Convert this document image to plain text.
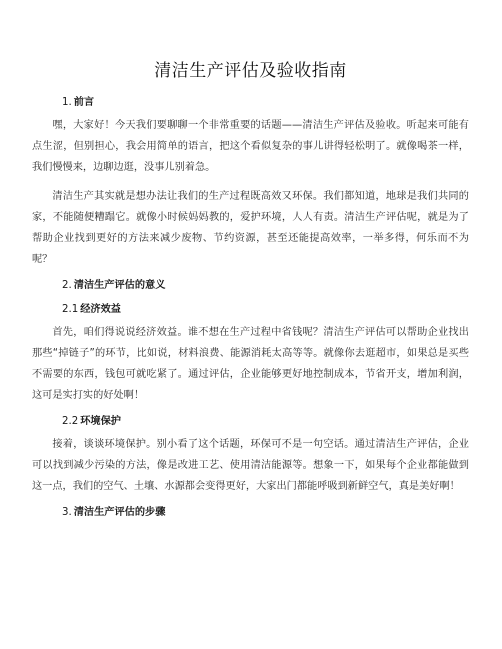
清洁生产评估及验收指南
1. 前言

嘿，大家好！今天我们要聊聊一个非常重要的话题——清洁生产评估及验收。听起来可能有点生涩，但别担心，我会用简单的语言，把这个看似复杂的事儿讲得轻松明了。就像喝茶一样，我们慢慢来，边聊边逛，没事儿别着急。

清洁生产其实就是想办法让我们的生产过程既高效又环保。我们都知道，地球是我们共同的家，不能随便糟蹋它。就像小时候妈妈教的，爱护环境，人人有责。清洁生产评估呢，就是为了帮助企业找到更好的方法来减少废物、节约资源，甚至还能提高效率，一举多得，何乐而不为呢？

2. 清洁生产评估的意义
2.1 经济效益

首先，咱们得说说经济效益。谁不想在生产过程中省钱呢？清洁生产评估可以帮助企业找出那些“掉链子”的环节，比如说，材料浪费、能源消耗太高等等。就像你去逛超市，如果总是买些不需要的东西，钱包可就吃紧了。通过评估，企业能够更好地控制成本，节省开支，增加利润，这可是实打实的好处啊！

2.2 环境保护

接着，谈谈环境保护。别小看了这个话题，环保可不是一句空话。通过清洁生产评估，企业可以找到减少污染的方法，像是改进工艺、使用清洁能源等。想象一下，如果每个企业都能做到这一点，我们的空气、土壤、水源都会变得更好，大家出门都能呼吸到新鲜空气，真是美好啊！

3. 清洁生产评估的步骤
